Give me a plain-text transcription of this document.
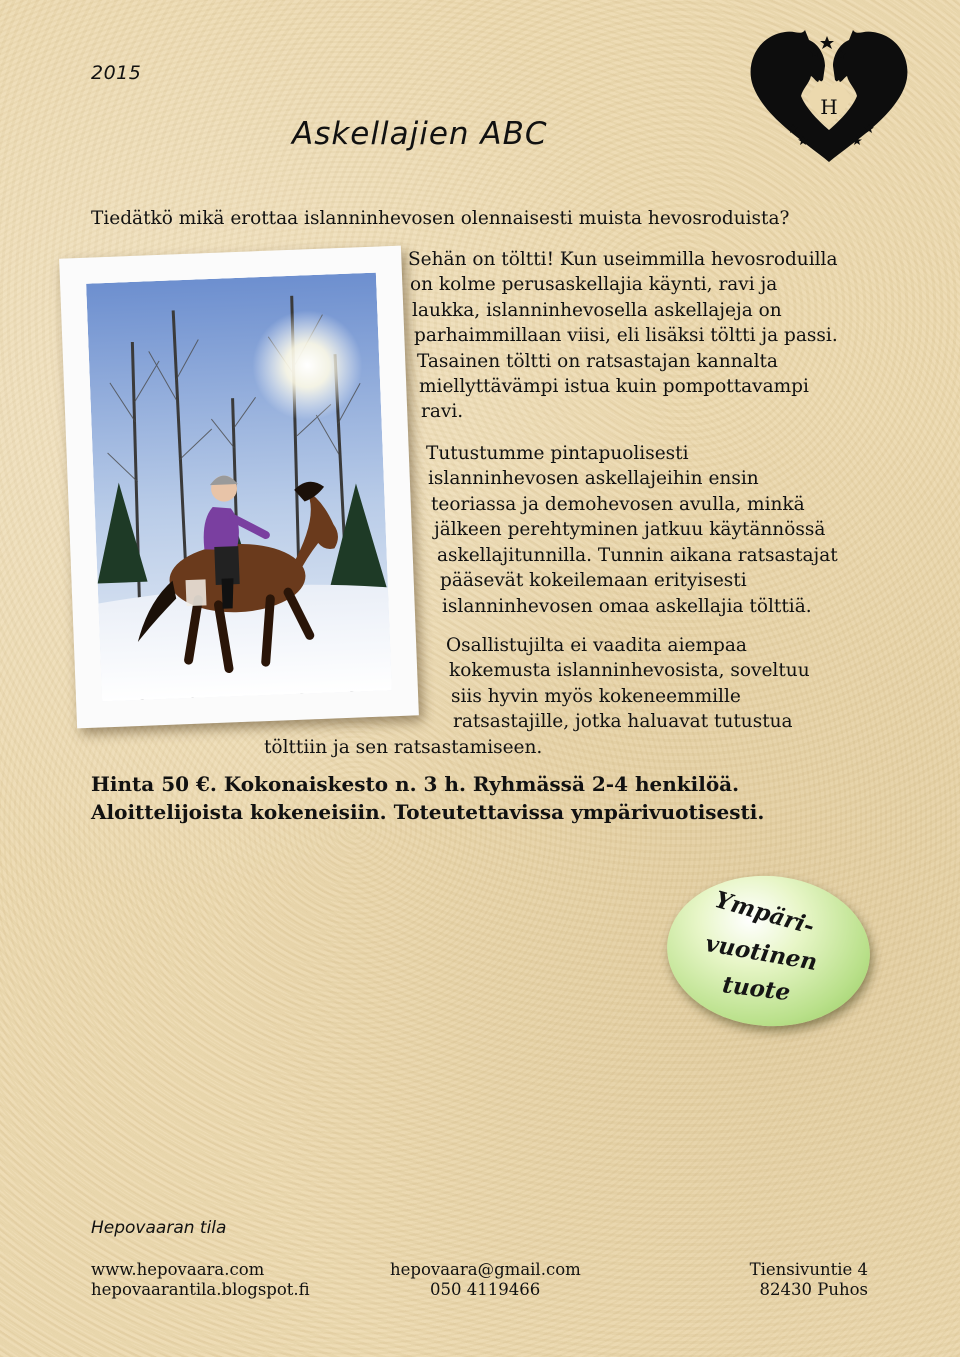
2015
Askellajien ABC
H
Tiedätkö mikä erottaa islanninhevosen olennaisesti muista hevosroduista?
Sehän on töltti! Kun useimmilla hevosroduilla
on kolme perusaskellajia käynti, ravi ja
laukka, islanninhevosella askellajeja on
parhaimmillaan viisi, eli lisäksi töltti ja passi.
Tasainen töltti on ratsastajan kannalta
miellyttävämpi istua kuin pompottavampi
ravi.
Tutustumme pintapuolisesti
islanninhevosen askellajeihin ensin
teoriassa ja demohevosen avulla, minkä
jälkeen perehtyminen jatkuu käytännössä
askellajitunnilla. Tunnin aikana ratsastajat
pääsevät kokeilemaan erityisesti
islanninhevosen omaa askellajia tölttiä.
Osallistujilta ei vaadita aiempaa
kokemusta islanninhevosista, soveltuu
siis hyvin myös kokeneemmille
ratsastajille, jotka haluavat tutustua
tölttiin ja sen ratsastamiseen.
Hinta 50 €. Kokonaiskesto n. 3 h. Ryhmässä 2-4 henkilöä.
Aloittelijoista kokeneisiin. Toteutettavissa ympärivuotisesti.
Ympäri-
vuotinen
tuote
Hepovaaran tila
www.hepovaara.com
hepovaarantila.blogspot.fi
hepovaara@gmail.com
050 4119466
Tiensivuntie 4
82430 Puhos
